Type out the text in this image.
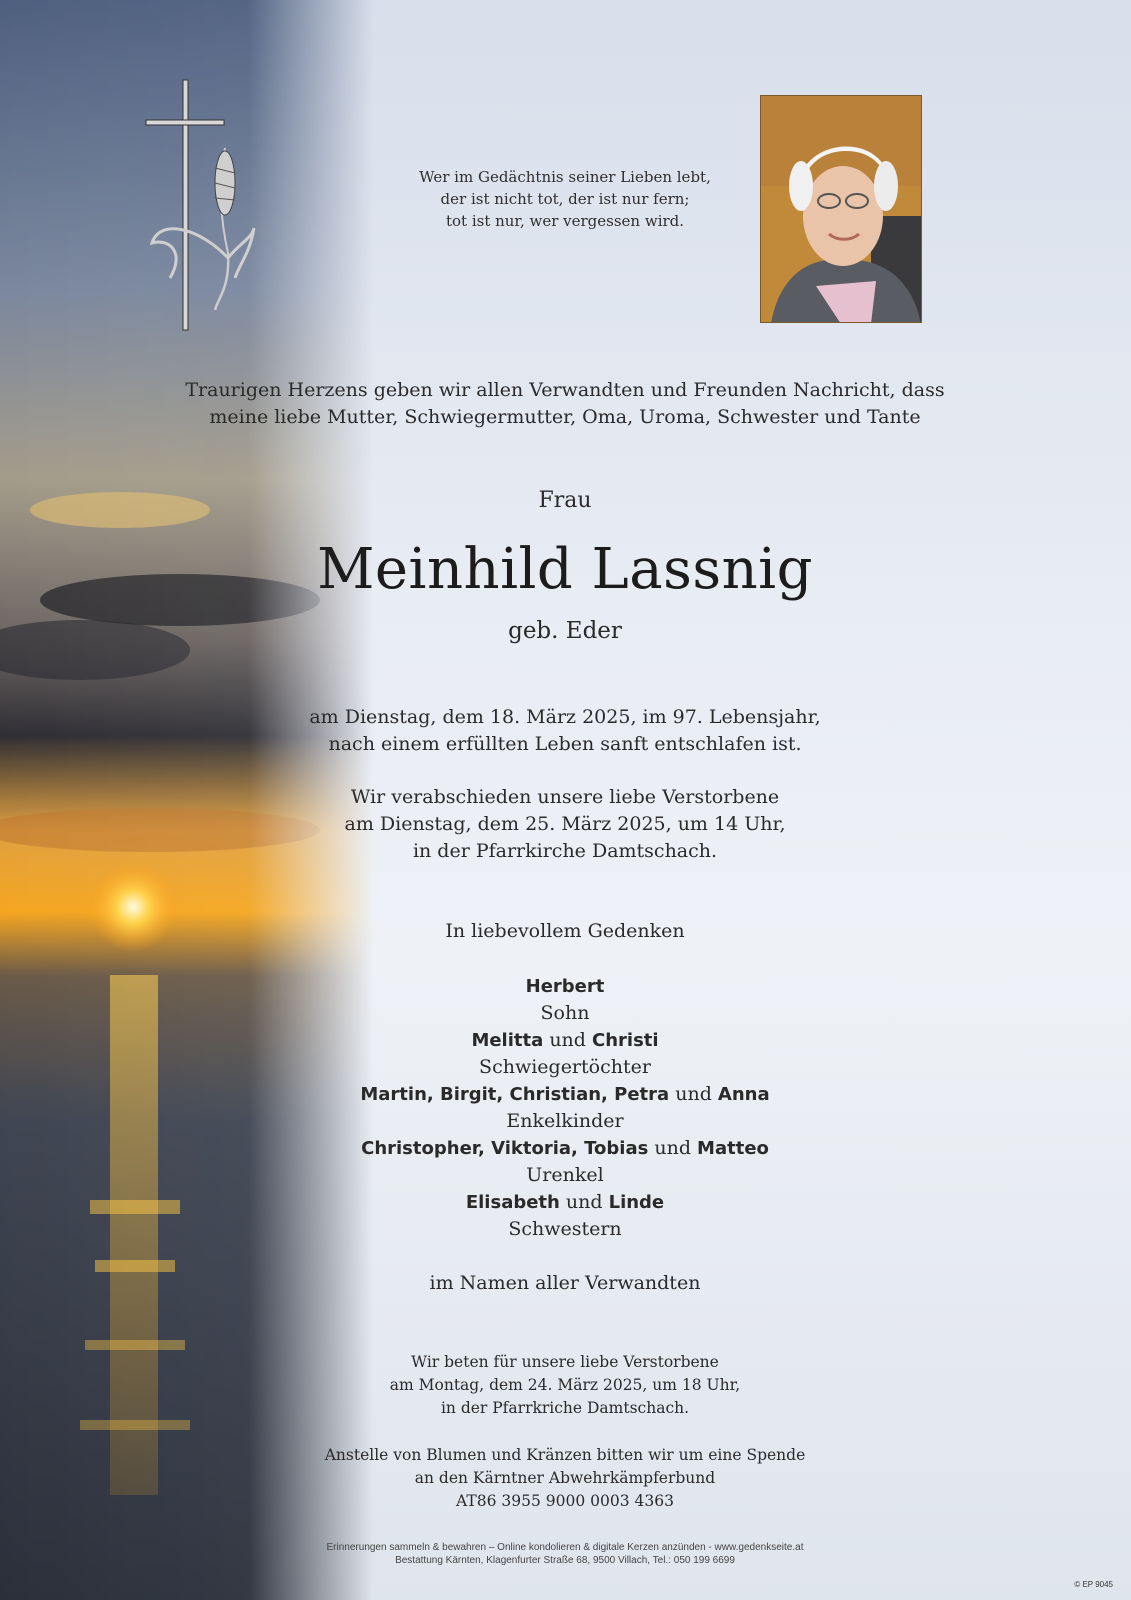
Wer im Gedächtnis seiner Lieben lebt,
der ist nicht tot, der ist nur fern;
tot ist nur, wer vergessen wird.
Traurigen Herzens geben wir allen Verwandten und Freunden Nachricht, dass
meine liebe Mutter, Schwiegermutter, Oma, Uroma, Schwester und Tante
Frau
Meinhild Lassnig
geb. Eder
am Dienstag, dem 18. März 2025, im 97. Lebensjahr,
nach einem erfüllten Leben sanft entschlafen ist.
Wir verabschieden unsere liebe Verstorbene
am Dienstag, dem 25. März 2025, um 14 Uhr,
in der Pfarrkirche Damtschach.
In liebevollem Gedenken
Herbert
Sohn
Melitta und Christi
Schwiegertöchter
Martin, Birgit, Christian, Petra und Anna
Enkelkinder
Christopher, Viktoria, Tobias und Matteo
Urenkel
Elisabeth und Linde
Schwestern
im Namen aller Verwandten
Wir beten für unsere liebe Verstorbene
am Montag, dem 24. März 2025, um 18 Uhr,
in der Pfarrkriche Damtschach.
Anstelle von Blumen und Kränzen bitten wir um eine Spende
an den Kärntner Abwehrkämpferbund
AT86 3955 9000 0003 4363
Erinnerungen sammeln & bewahren – Online kondolieren & digitale Kerzen anzünden - www.gedenkseite.at
Bestattung Kärnten, Klagenfurter Straße 68, 9500 Villach, Tel.: 050 199 6699
© EP 9045
